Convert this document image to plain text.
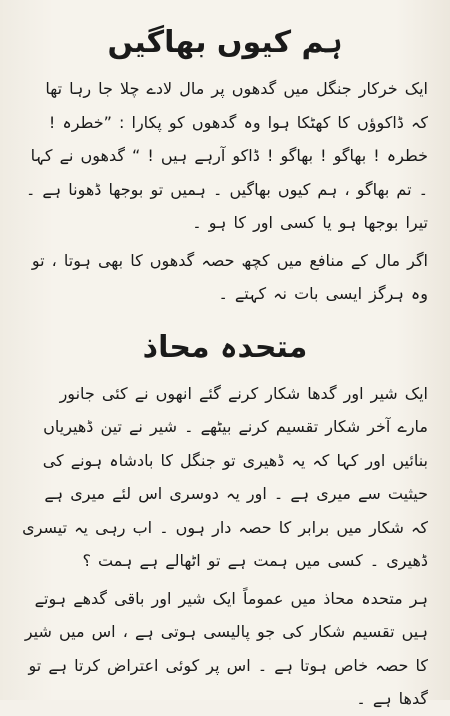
ہم کیوں بھاگیں

ایک خرکار جنگل میں گدھوں پر مال لادے چلا جا رہا تھا کہ ڈاکوؤں کا کھٹکا ہوا وہ گدھوں کو پکارا : ”خطرہ ! خطرہ ! بھاگو ! بھاگو ! ڈاکو آرہے ہیں ! “ گدھوں نے کہا ۔ تم بھاگو ، ہم کیوں بھاگیں ۔ ہمیں تو بوجھا ڈھونا ہے ۔ تیرا بوجھا ہو یا کسی اور کا ہو ۔

اگر مال کے منافع میں کچھ حصہ گدھوں کا بھی ہوتا ، تو وہ ہرگز ایسی بات نہ کہتے ۔

متحدہ محاذ

ایک شیر اور گدھا شکار کرنے گئے انھوں نے کئی جانور مارے آخر شکار تقسیم کرنے بیٹھے ۔ شیر نے تین ڈھیریاں بنائیں اور کہا کہ یہ ڈھیری تو جنگل کا بادشاہ ہونے کی حیثیت سے میری ہے ۔ اور یہ دوسری اس لئے میری ہے کہ شکار میں برابر کا حصہ دار ہوں ۔ اب رہی یہ تیسری ڈھیری ۔ کسی میں ہمت ہے تو اٹھالے ہے ہمت ؟

ہر متحدہ محاذ میں عموماً ایک شیر اور باقی گدھے ہوتے ہیں تقسیم شکار کی جو پالیسی ہوتی ہے ، اس میں شیر کا حصہ خاص ہوتا ہے ۔ اس پر کوئی اعتراض کرتا ہے تو گدھا ہے ۔
